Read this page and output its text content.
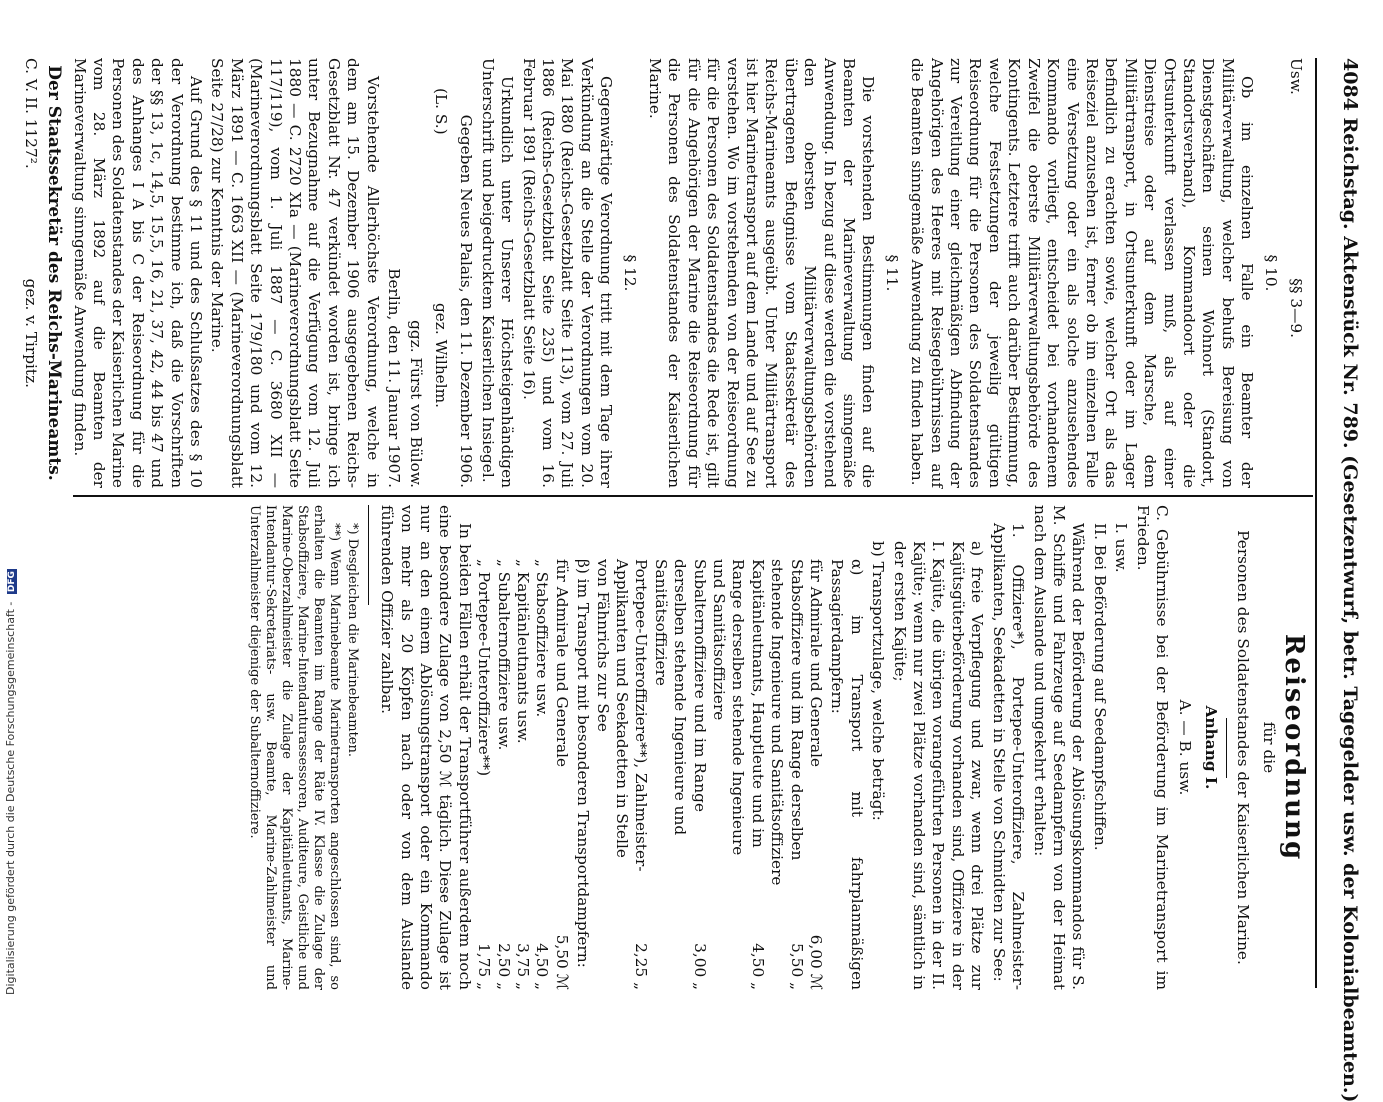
4084 Reichstag. Aktenstück Nr. 789. (Gesetzentwurf, betr. Tagegelder usw. der Kolonialbeamten.)
Usw.
§§ 3—9.
§ 10.

Ob im einzelnen Falle ein Beamter der Militärverwaltung, welcher behufs Bereisung von Dienstgeschäften seinen Wohnort (Standort, Standortsverband), Kommandoort oder die Ortsunterkunft verlassen muß, als auf einer Dienstreise oder auf dem Marsche, dem Militärtransport, in Ortsunterkunft oder im Lager befindlich zu erachten sowie, welcher Ort als das Reiseziel anzusehen ist, ferner ob im einzelnen Falle eine Versetzung oder ein als solche anzusehendes Kommando vorliegt, entscheidet bei vorhandenem Zweifel die oberste Militärverwaltungsbehörde des Kontingents. Letztere trifft auch darüber Bestimmung, welche Festsetzungen der jeweilig gültigen Reiseordnung für die Personen des Soldatenstandes zur Vereitlung einer gleichmäßigen Abfindung der Angehörigen des Heeres mit Reisegebührnissen auf die Beamten sinngemäße Anwendung zu finden haben.

§ 11.

Die vorstehenden Bestimmungen finden auf die Beamten der Marineverwaltung sinngemäße Anwendung. In bezug auf diese werden die vorstehend den obersten Militärverwaltungsbehörden übertragenen Befugnisse vom Staatssekretär des Reichs-Marineamts ausgeübt. Unter Militärtransport ist hier Marinetransport auf dem Lande und auf See zu verstehen. Wo im vorstehenden von der Reiseordnung für die Personen des Soldatenstandes die Rede ist, gilt für die Angehörigen der Marine die Reiseordnung für die Personen des Soldatenstandes der Kaiserlichen Marine.

§ 12.

Gegenwärtige Verordnung tritt mit dem Tage ihrer Verkündung an die Stelle der Verordnungen vom 20. Mai 1880 (Reichs-Gesetzblatt Seite 113), vom 27. Juli 1886 (Reichs-Gesetzblatt Seite 235) und vom 16. Februar 1891 (Reichs-Gesetzblatt Seite 16).

Urkundlich unter Unserer Höchsteigenhändigen Unterschrift und beigedrucktem Kaiserlichen Insiegel.

Gegeben Neues Palais, den 11. Dezember 1906.

(L. S.)
gez. Wilhelm.

ggz. Fürst von Bülow.

Berlin, den 11. Januar 1907.

Vorstehende Allerhöchste Verordnung, welche in dem am 15. Dezember 1906 ausgegebenen Reichs-Gesetzblatt Nr. 47 verkündet worden ist, bringe ich unter Bezugnahme auf die Verfügung vom 12. Juli 1880 — C. 2720 XIa — (Marineverordnungsblatt Seite 117/119), vom 1. Juli 1887 — C. 3680 XII — (Marineverordnungsblatt Seite 179/180 und vom 12. März 1891 — C. 1663 XII — (Marineverordnungsblatt Seite 27/28) zur Kenntnis der Marine.

Auf Grund des § 11 und des Schlußsatzes des § 10 der Verordnung bestimme ich, daß die Vorschriften der §§ 13, 1c, 14,5, 15,5, 16, 21, 37, 42, 44 bis 47 und des Anhanges I A bis C der Reiseordnung für die Personen des Soldatenstandes der Kaiserlichen Marine vom 28. März 1892 auf die Beamten der Marineverwaltung sinngemäße Anwendung finden.

Der Staatssekretär des Reichs-Marineamts.
C. V. II. 1127².
gez. v. Tirpitz.
Reiseordnung
für die
Personen des Soldatenstandes der Kaiserlichen Marine.
Anhang I.
A. — B. usw.

C. Gebührnisse bei der Beförderung im Marinetransport im Frieden.

I. usw.

II. Bei Beförderung auf Seedampfschiffen.

Während der Beförderung der Ablösungskommandos für S. M. Schiffe und Fahrzeuge auf Seedampfern von der Heimat nach dem Auslande und umgekehrt erhalten:

1. Offiziere*), Portepee-Unteroffiziere, Zahlmeister-Applikanten, Seekadetten in Stelle von Schmidten zur See:

a) freie Verpflegung und zwar, wenn drei Plätze zur Kajütsgüterbeförderung vorhanden sind, Offiziere in der I. Kajüte, die übrigen vorangeführten Personen in der II. Kajüte; wenn nur zwei Plätze vorhanden sind, sämtlich in der ersten Kajüte;

b) Transportzulage, welche beträgt:

α) im Transport mit fahrplanmäßigen Passagierdampfern:

für Admirale und Generale
6,00 ℳ
Stabsoffiziere und im Range derselben stehende Ingenieure und Sanitätsoffiziere
5,50 „
Kapitänleutnants, Hauptleute und im Range derselben stehende Ingenieure und Sanitätsoffiziere
4,50 „
Subalternoffiziere und im Range derselben stehende Ingenieure und Sanitätsoffiziere
3,00 „
Portepee-Unteroffiziere**), Zahlmeister-Applikanten und Seekadetten in Stelle von Fähnrichs zur See
2,25 „

β) im Transport mit besonderen Transportdampfern:

für Admirale und Generale
5,50 ℳ
„ Stabsoffiziere usw.
4,50 „
„ Kapitänleutnants usw.
3,75 „
„ Subalternoffiziere usw.
2,50 „
„ Portepee-Unteroffiziere**)
1,75 „

In beiden Fällen erhält der Transportführer außerdem noch eine besondere Zulage von 2,50 ℳ täglich. Diese Zulage ist nur an den einem Ablösungstransport oder ein Kommando von mehr als 20 Köpfen nach oder von dem Auslande führenden Offizier zahlbar.

*) Desgleichen die Marinebeamten.

**) Wenn Marinebeamte Marinetransporten angeschlossen sind, so erhalten die Beamten im Range der Räte IV. Klasse die Zulage der Stabsoffiziere, Marine-Intendanturassessoren, Auditeure, Geistliche und Marine-Oberzahlmeister die Zulage der Kapitänleutnants, Marine-Intendantur-Sekretariats- usw. Beamte, Marine-Zahlmeister und Unterzahlmeister diejenige der Subalternoffiziere.

Digitalisierung gefördert durch die Deutsche Forschungsgemeinschaft - DFG
